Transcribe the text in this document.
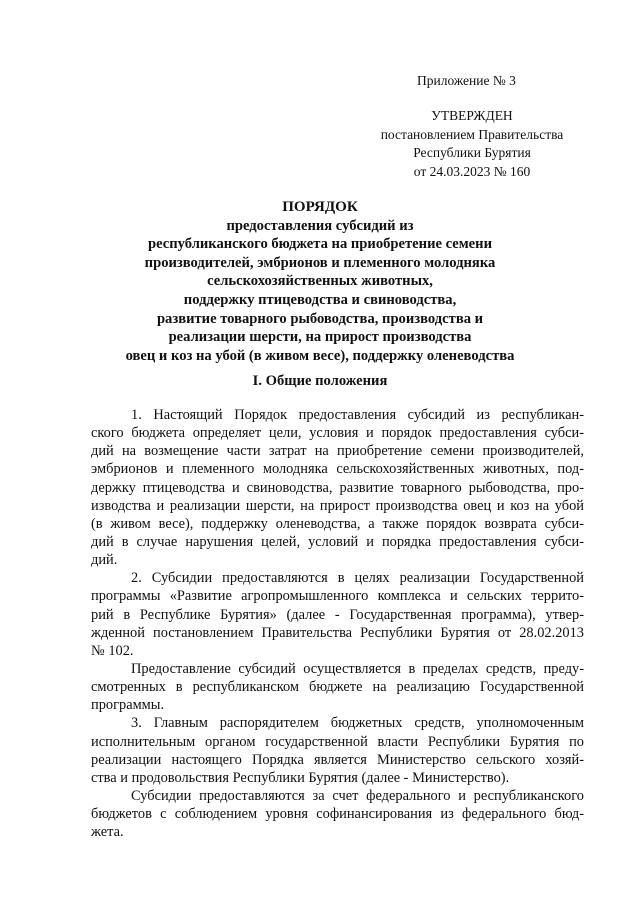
Приложение № 3
УТВЕРЖДЕН
постановлением Правительства
Республики Бурятия
от 24.03.2023 № 160
ПОРЯДОК
предоставления субсидий из
республиканского бюджета на приобретение семени
производителей, эмбрионов и племенного молодняка
сельскохозяйственных животных,
поддержку птицеводства и свиноводства,
развитие товарного рыбоводства, производства и
реализации шерсти, на прирост производства
овец и коз на убой (в живом весе), поддержку оленеводства
I. Общие положения
1. Настоящий Порядок предоставления субсидий из республикан-
ского бюджета определяет цели, условия и порядок предоставления субси-
дий на возмещение части затрат на приобретение семени производителей,
эмбрионов и племенного молодняка сельскохозяйственных животных, под-
держку птицеводства и свиноводства, развитие товарного рыбоводства, про-
изводства и реализации шерсти, на прирост производства овец и коз на убой
(в живом весе), поддержку оленеводства, а также порядок возврата субси-
дий в случае нарушения целей, условий и порядка предоставления субси-
дий.
2. Субсидии предоставляются в целях реализации Государственной
программы «Развитие агропромышленного комплекса и сельских террито-
рий в Республике Бурятия» (далее - Государственная программа), утвер-
жденной постановлением Правительства Республики Бурятия от 28.02.2013
№ 102.
Предоставление субсидий осуществляется в пределах средств, преду-
смотренных в республиканском бюджете на реализацию Государственной
программы.
3. Главным распорядителем бюджетных средств, уполномоченным
исполнительным органом государственной власти Республики Бурятия по
реализации настоящего Порядка является Министерство сельского хозяй-
ства и продовольствия Республики Бурятия (далее - Министерство).
Субсидии предоставляются за счет федерального и республиканского
бюджетов с соблюдением уровня софинансирования из федерального бюд-
жета.
